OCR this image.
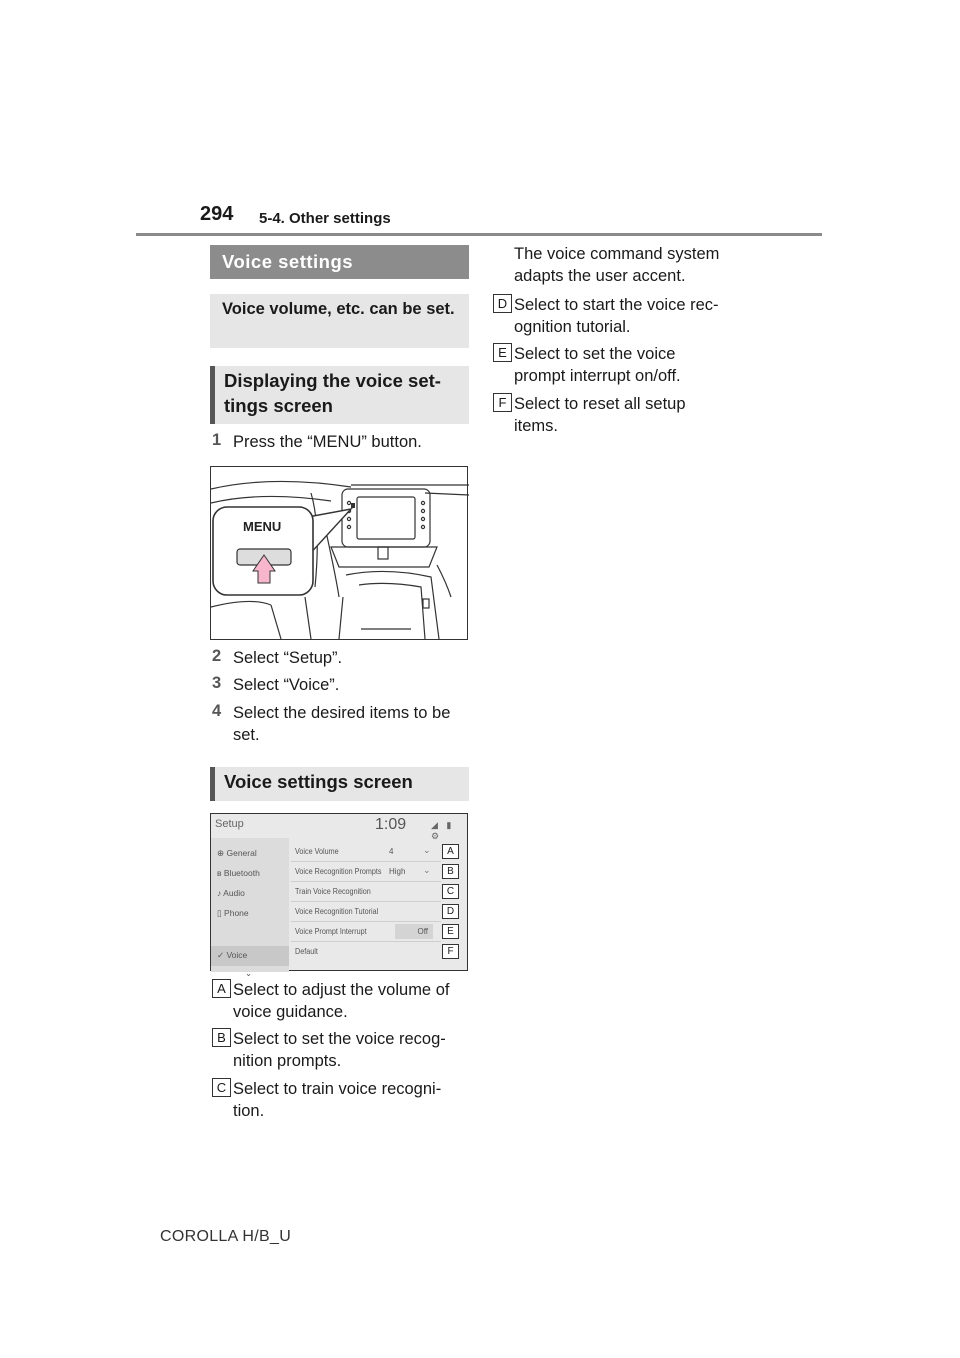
294 5-4. Other settings
Voice settings
Voice volume, etc. can be set.
Displaying the voice set-tings screen
1 Press the “MENU” button.
MENU
2 Select “Setup”.
3 Select “Voice”.
4 Select the desired items to be set.
Voice settings screen
Setup	1:09	◢ ▮ ⚙
⊕ General
ʙ Bluetooth
♪ Audio
▯ Phone
✓ Voice
⌄
Voice Volume	4	⌄
Voice Recognition Prompts High ⌄
Train Voice Recognition
Voice Recognition Tutorial
Voice Prompt Interrupt	Off
Default
A
B
C
D
E
F
A Select to adjust the volume of voice guidance.
B Select to set the voice recog-nition prompts.
C Select to train voice recogni-tion.
The voice command system adapts the user accent.
D Select to start the voice rec-ognition tutorial.
E Select to set the voice prompt interrupt on/off.
F Select to reset all setup items.
COROLLA H/B_U
